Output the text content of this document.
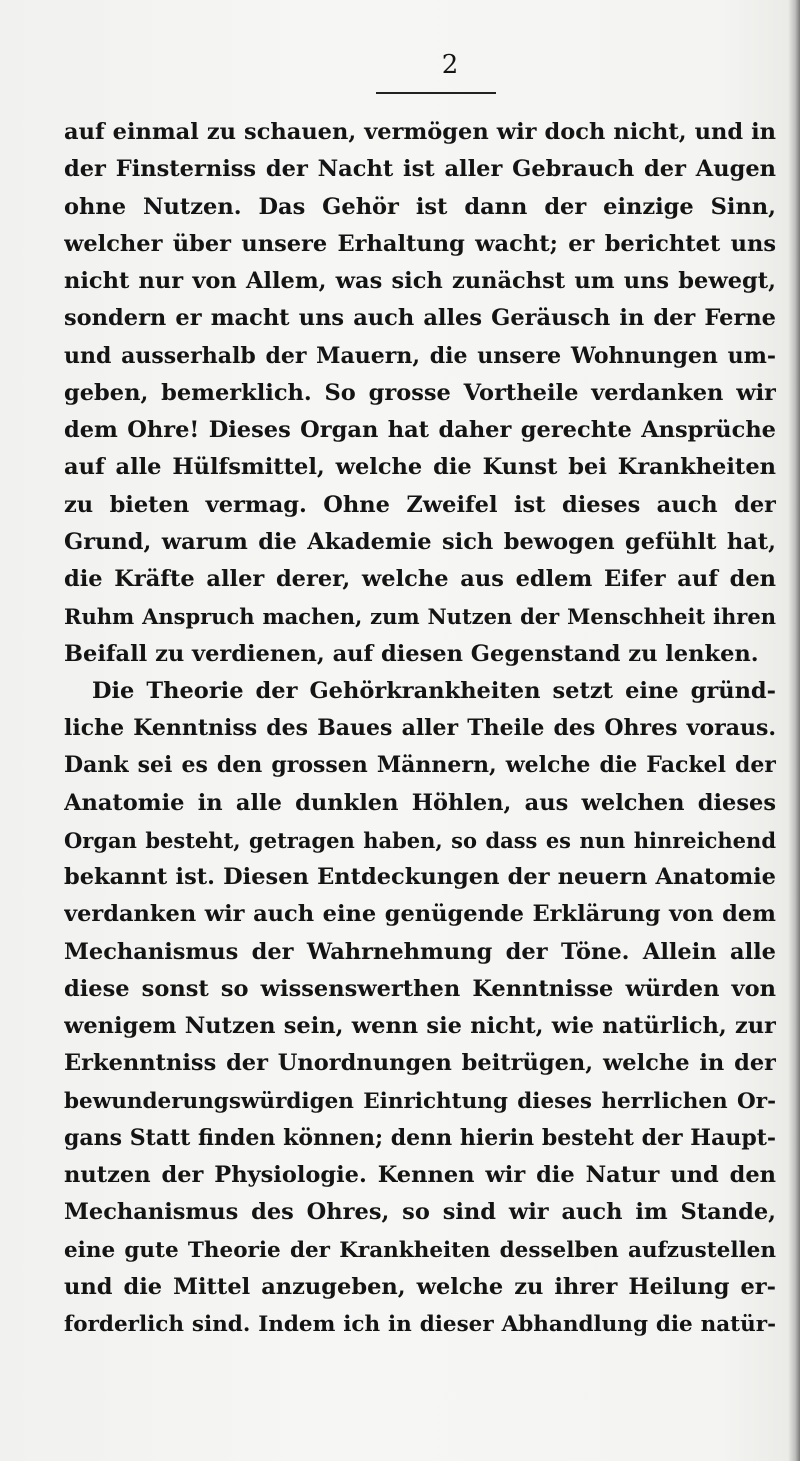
2
auf einmal zu schauen, vermögen wir doch nicht, und in
der Finsterniss der Nacht ist aller Gebrauch der Augen
ohne Nutzen. Das Gehör ist dann der einzige Sinn,
welcher über unsere Erhaltung wacht; er berichtet uns
nicht nur von Allem, was sich zunächst um uns bewegt,
sondern er macht uns auch alles Geräusch in der Ferne
und ausserhalb der Mauern, die unsere Wohnungen um-
geben, bemerklich. So grosse Vortheile verdanken wir
dem Ohre! Dieses Organ hat daher gerechte Ansprüche
auf alle Hülfsmittel, welche die Kunst bei Krankheiten
zu bieten vermag. Ohne Zweifel ist dieses auch der
Grund, warum die Akademie sich bewogen gefühlt hat,
die Kräfte aller derer, welche aus edlem Eifer auf den
Ruhm Anspruch machen, zum Nutzen der Menschheit ihren
Beifall zu verdienen, auf diesen Gegenstand zu lenken.
Die Theorie der Gehörkrankheiten setzt eine gründ-
liche Kenntniss des Baues aller Theile des Ohres voraus.
Dank sei es den grossen Männern, welche die Fackel der
Anatomie in alle dunklen Höhlen, aus welchen dieses
Organ besteht, getragen haben, so dass es nun hinreichend
bekannt ist. Diesen Entdeckungen der neuern Anatomie
verdanken wir auch eine genügende Erklärung von dem
Mechanismus der Wahrnehmung der Töne. Allein alle
diese sonst so wissenswerthen Kenntnisse würden von
wenigem Nutzen sein, wenn sie nicht, wie natürlich, zur
Erkenntniss der Unordnungen beitrügen, welche in der
bewunderungswürdigen Einrichtung dieses herrlichen Or-
gans Statt finden können; denn hierin besteht der Haupt-
nutzen der Physiologie. Kennen wir die Natur und den
Mechanismus des Ohres, so sind wir auch im Stande,
eine gute Theorie der Krankheiten desselben aufzustellen
und die Mittel anzugeben, welche zu ihrer Heilung er-
forderlich sind. Indem ich in dieser Abhandlung die natür-
